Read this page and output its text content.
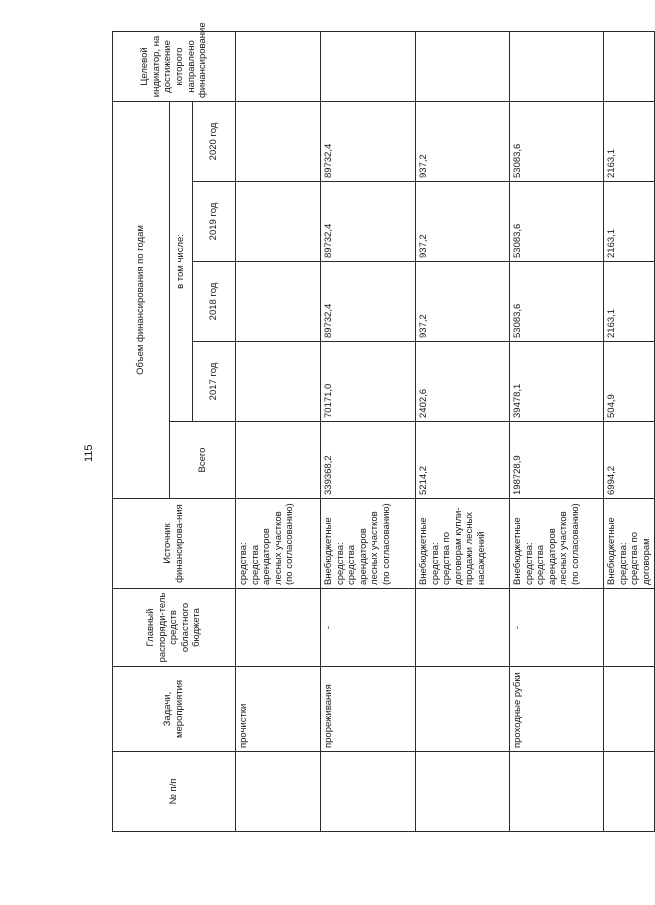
115
№ п/п	Задачи, мероприятия	Главный распоряди-тель средств областного бюджета	Источник финансирова-ния	Объем финансирования по годам					Целевой индикатор, на достижение которого направлено финансирование
				Всего	в том числе:				
					2017 год	2018 год	2019 год	2020 год	
	прочистки		средства: средства арендаторов лесных участков (по согласованию)						
	прореживания	-	Внебюджетные средства: средства арендаторов лесных участков (по согласованию)	339368,2	70171,0	89732,4	89732,4	89732,4	
			Внебюджетные средства: средства по договорам купли-продажи лесных насаждений	5214,2	2402,6	937,2	937,2	937,2	
	проходные рубки	-	Внебюджетные средства: средства арендаторов лесных участков (по согласованию)	198728,9	39478,1	53083,6	53083,6	53083,6	
			Внебюджетные средства: средства по договорам	6994,2	504,9	2163,1	2163,1	2163,1	
